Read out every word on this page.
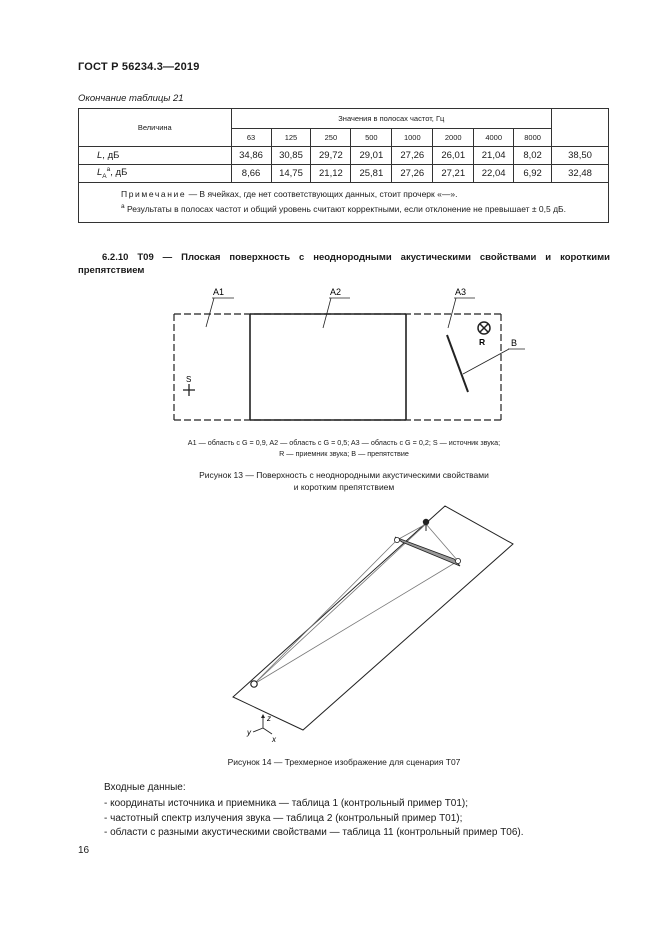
ГОСТ Р 56234.3—2019
Окончание таблицы 21
Величина	Значения в полосах частот, Гц								
	63	125	250	500	1000	2000	4000	8000	
L, дБ	34,86	30,85	29,72	29,01	27,26	26,01	21,04	8,02	38,50
$L_A^a$, дБ	8,66	14,75	21,12	25,81	27,26	27,21	22,04	6,92	32,48

Примечание — В ячейках, где нет соответствующих данных, стоит прочерк «—».
$^a$ Результаты в полосах частот и общий уровень считают корректными, если отклонение не превышает ± 0,5 дБ.									
6.2.10 Т09 — Плоская поверхность с неоднородными акустическими свойствами и короткими препятствием
A1	A2	A3
B
R
S
A1 — область с G = 0,9, A2 — область с G = 0,5; A3 — область с G = 0,2; S — источник звука;
R — приемник звука; B — препятствие
Рисунок 13 — Поверхность с неоднородными акустическими свойствами
и коротким препятствием
z
y
x
Рисунок 14 — Трехмерное изображение для сценария Т07
Входные данные:
- координаты источника и приемника — таблица 1 (контрольный пример Т01);
- частотный спектр излучения звука — таблица 2 (контрольный пример Т01);
- области с разными акустическими свойствами — таблица 11 (контрольный пример Т06).
16
